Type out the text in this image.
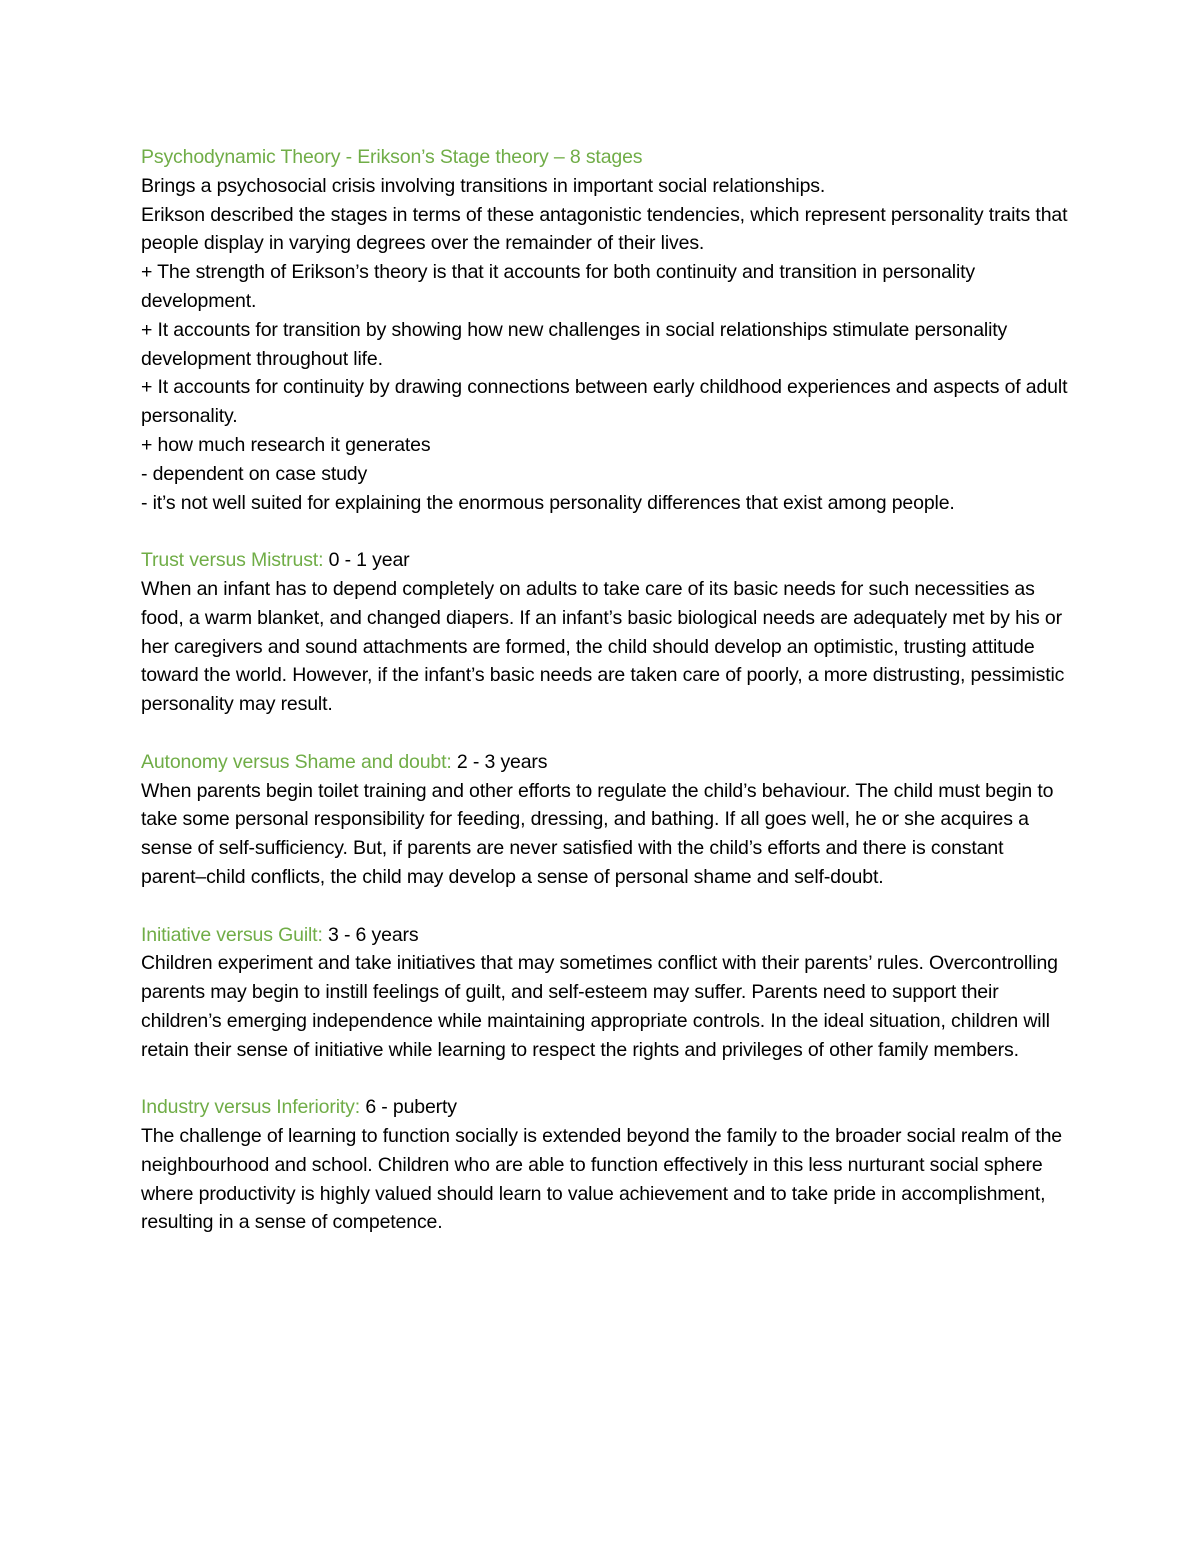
Psychodynamic Theory - Erikson’s Stage theory – 8 stages
Brings a psychosocial crisis involving transitions in important social relationships.
Erikson described the stages in terms of these antagonistic tendencies, which represent personality traits that people display in varying degrees over the remainder of their lives.
+ The strength of Erikson’s theory is that it accounts for both continuity and transition in personality development.
+ It accounts for transition by showing how new challenges in social relationships stimulate personality development throughout life.
+ It accounts for continuity by drawing connections between early childhood experiences and aspects of adult personality.
+ how much research it generates
- dependent on case study
- it’s not well suited for explaining the enormous personality differences that exist among people.
Trust versus Mistrust: 0 - 1 year

When an infant has to depend completely on adults to take care of its basic needs for such necessities as food, a warm blanket, and changed diapers. If an infant’s basic biological needs are adequately met by his or her caregivers and sound attachments are formed, the child should develop an optimistic, trusting attitude toward the world. However, if the infant’s basic needs are taken care of poorly, a more distrusting, pessimistic personality may result.

Autonomy versus Shame and doubt: 2 - 3 years

When parents begin toilet training and other efforts to regulate the child’s behaviour. The child must begin to take some personal responsibility for feeding, dressing, and bathing. If all goes well, he or she acquires a sense of self-sufficiency. But, if parents are never satisfied with the child’s efforts and there is constant parent–child conflicts, the child may develop a sense of personal shame and self-doubt.

Initiative versus Guilt: 3 - 6 years

Children experiment and take initiatives that may sometimes conflict with their parents’ rules. Overcontrolling parents may begin to instill feelings of guilt, and self-esteem may suffer. Parents need to support their children’s emerging independence while maintaining appropriate controls. In the ideal situation, children will retain their sense of initiative while learning to respect the rights and privileges of other family members.

Industry versus Inferiority: 6 - puberty

The challenge of learning to function socially is extended beyond the family to the broader social realm of the neighbourhood and school. Children who are able to function effectively in this less nurturant social sphere where productivity is highly valued should learn to value achievement and to take pride in accomplishment, resulting in a sense of competence.
